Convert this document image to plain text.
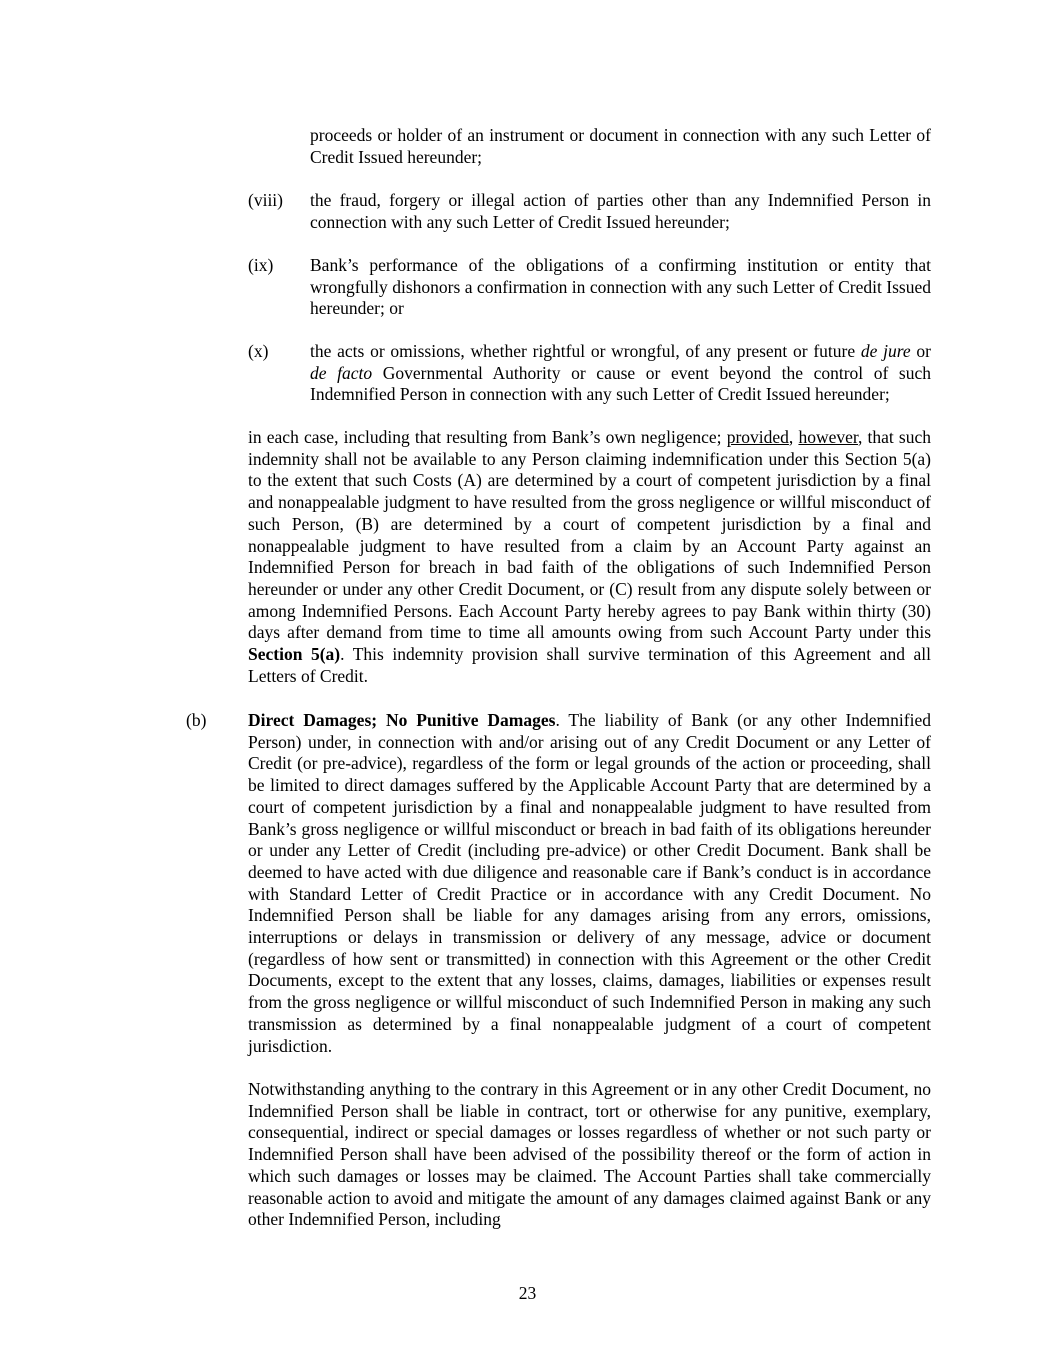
proceeds or holder of an instrument or document in connection with any such Letter of Credit Issued hereunder;

(viii) the fraud, forgery or illegal action of parties other than any Indemnified Person in connection with any such Letter of Credit Issued hereunder;

(ix) Bank’s performance of the obligations of a confirming institution or entity that wrongfully dishonors a confirmation in connection with any such Letter of Credit Issued hereunder; or

(x) the acts or omissions, whether rightful or wrongful, of any present or future de jure or de facto Governmental Authority or cause or event beyond the control of such Indemnified Person in connection with any such Letter of Credit Issued hereunder;

in each case, including that resulting from Bank’s own negligence; provided, however, that such indemnity shall not be available to any Person claiming indemnification under this Section 5(a) to the extent that such Costs (A) are determined by a court of competent jurisdiction by a final and nonappealable judgment to have resulted from the gross negligence or willful misconduct of such Person, (B) are determined by a court of competent jurisdiction by a final and nonappealable judgment to have resulted from a claim by an Account Party against an Indemnified Person for breach in bad faith of the obligations of such Indemnified Person hereunder or under any other Credit Document, or (C) result from any dispute solely between or among Indemnified Persons. Each Account Party hereby agrees to pay Bank within thirty (30) days after demand from time to time all amounts owing from such Account Party under this Section 5(a). This indemnity provision shall survive termination of this Agreement and all Letters of Credit.

(b) Direct Damages; No Punitive Damages. The liability of Bank (or any other Indemnified Person) under, in connection with and/or arising out of any Credit Document or any Letter of Credit (or pre-advice), regardless of the form or legal grounds of the action or proceeding, shall be limited to direct damages suffered by the Applicable Account Party that are determined by a court of competent jurisdiction by a final and nonappealable judgment to have resulted from Bank’s gross negligence or willful misconduct or breach in bad faith of its obligations hereunder or under any Letter of Credit (including pre-advice) or other Credit Document. Bank shall be deemed to have acted with due diligence and reasonable care if Bank’s conduct is in accordance with Standard Letter of Credit Practice or in accordance with any Credit Document. No Indemnified Person shall be liable for any damages arising from any errors, omissions, interruptions or delays in transmission or delivery of any message, advice or document (regardless of how sent or transmitted) in connection with this Agreement or the other Credit Documents, except to the extent that any losses, claims, damages, liabilities or expenses result from the gross negligence or willful misconduct of such Indemnified Person in making any such transmission as determined by a final nonappealable judgment of a court of competent jurisdiction.

Notwithstanding anything to the contrary in this Agreement or in any other Credit Document, no Indemnified Person shall be liable in contract, tort or otherwise for any punitive, exemplary, consequential, indirect or special damages or losses regardless of whether or not such party or Indemnified Person shall have been advised of the possibility thereof or the form of action in which such damages or losses may be claimed. The Account Parties shall take commercially reasonable action to avoid and mitigate the amount of any damages claimed against Bank or any other Indemnified Person, including

23
